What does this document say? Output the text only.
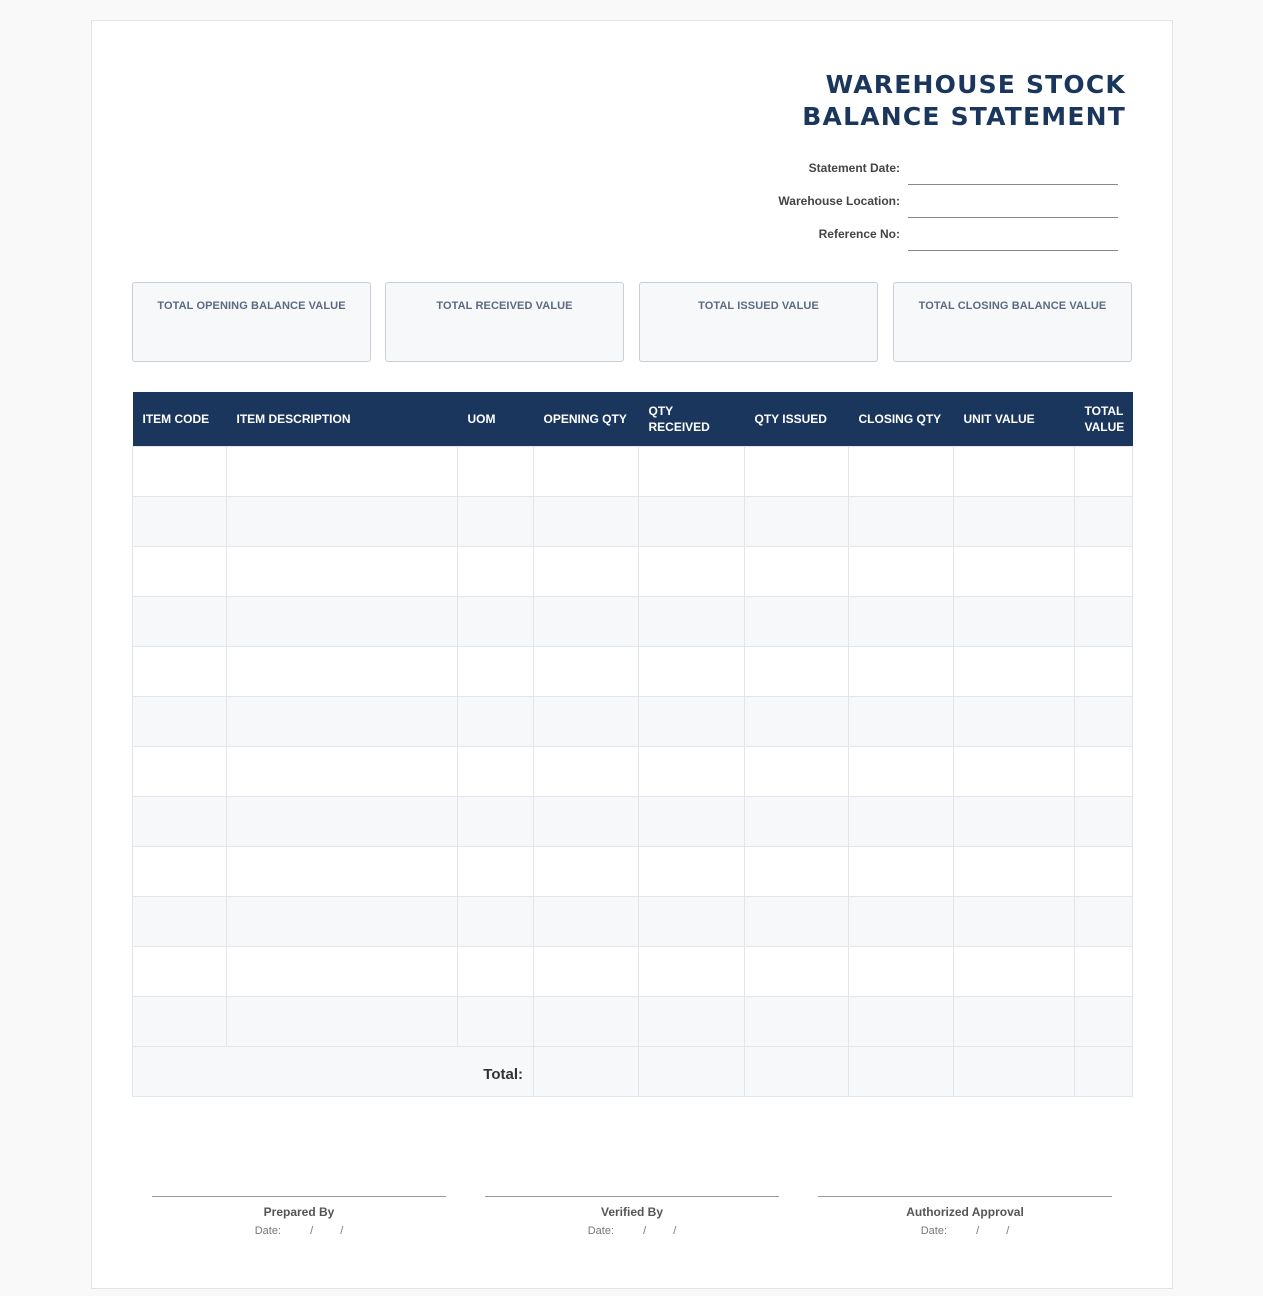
WAREHOUSE STOCK BALANCE STATEMENT
Statement Date:
Warehouse Location:
Reference No:
TOTAL OPENING BALANCE VALUE	TOTAL RECEIVED VALUE	TOTAL ISSUED VALUE	TOTAL CLOSING BALANCE VALUE
ITEM CODE	ITEM DESCRIPTION	UOM	OPENING QTY	QTY RECEIVED	QTY ISSUED	CLOSING QTY	UNIT VALUE	TOTAL VALUE

Total:								
Prepared By
Date:	/ /
Verified By
Date:	/ /
Authorized Approval
Date:	/ /
